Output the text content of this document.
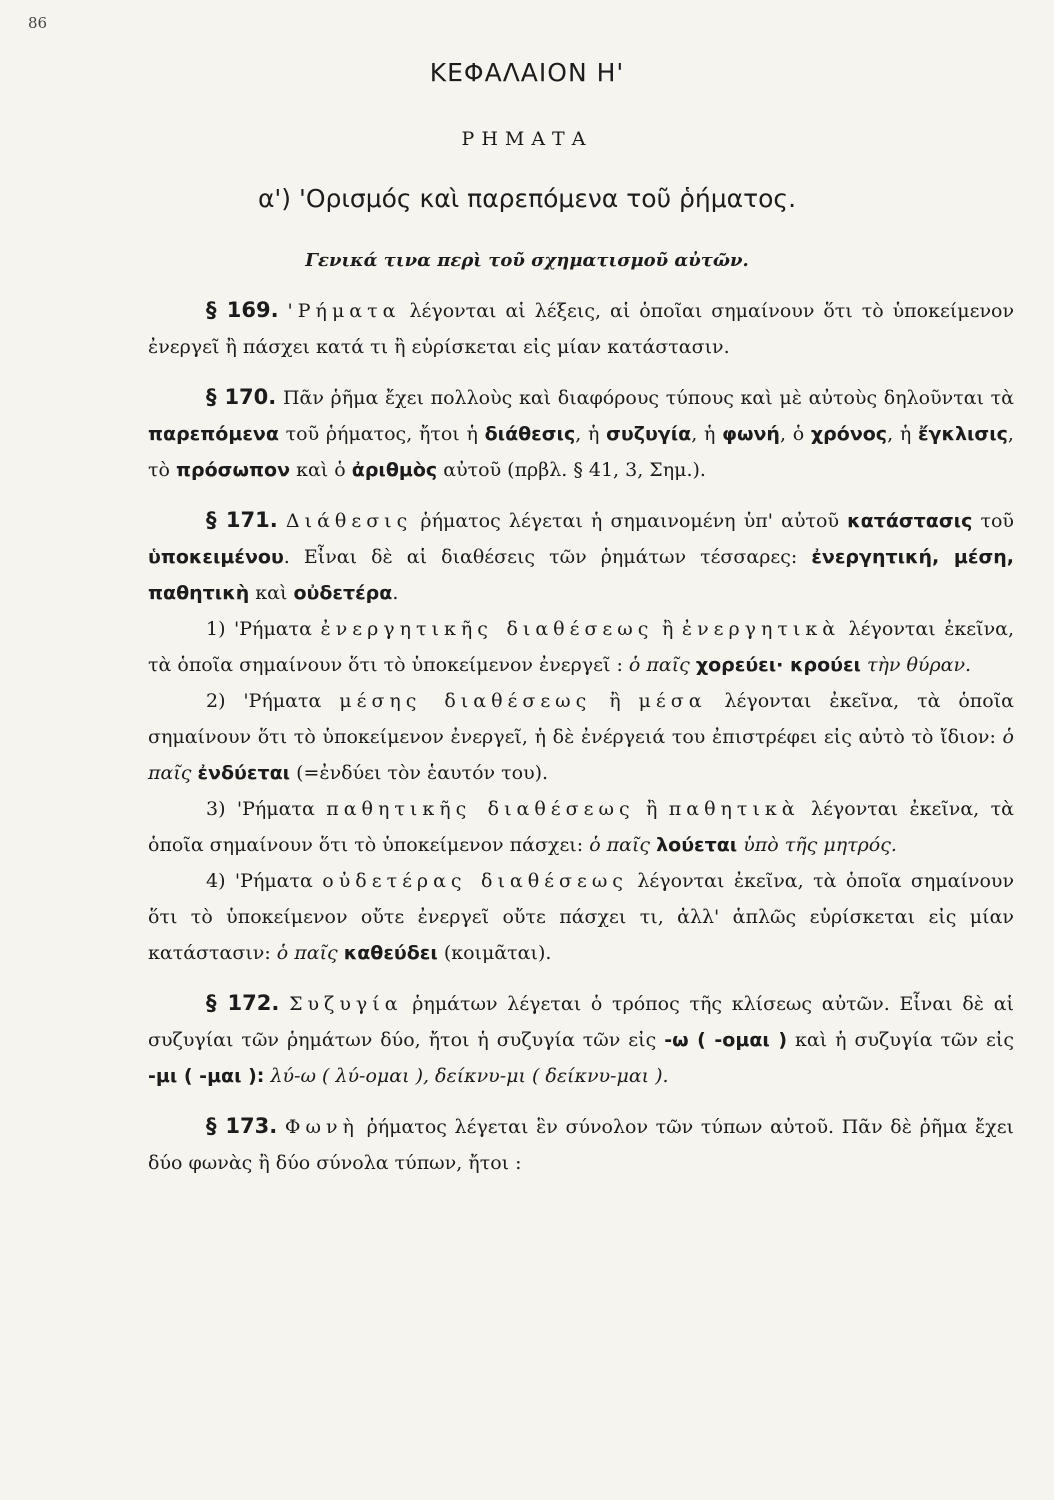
86
ΚΕΦΑΛΑΙΟΝ Η'
ΡΗΜΑΤΑ
α') 'Ορισμός καὶ παρεπόμενα τοῦ ῥήματος.
Γενικά τινα περὶ τοῦ σχηματισμοῦ αὐτῶν.

§ 169. 'Ρήματα λέγονται αἱ λέξεις, αἱ ὁποῖαι σημαίνουν ὅτι τὸ ὑποκείμενον ἐνεργεῖ ἢ πάσχει κατά τι ἢ εὑρίσκεται εἰς μίαν κατάστασιν.

§ 170. Πᾶν ῥῆμα ἔχει πολλοὺς καὶ διαφόρους τύπους καὶ μὲ αὐτοὺς δηλοῦνται τὰ παρεπόμενα τοῦ ῥήματος, ἤτοι ἡ διάθεσις, ἡ συζυγία, ἡ φωνή, ὁ χρόνος, ἡ ἔγκλισις, τὸ πρόσωπον καὶ ὁ ἀριθμὸς αὐτοῦ (πρβλ. § 41, 3, Σημ.).

§ 171. Διάθεσις ῥήματος λέγεται ἡ σημαινομένη ὑπ' αὐτοῦ κατάστασις τοῦ ὑποκειμένου. Εἶναι δὲ αἱ διαθέσεις τῶν ῥημάτων τέσσαρες: ἐνεργητική, μέση, παθητικὴ καὶ οὐδετέρα.

1) 'Ρήματα ἐνεργητικῆς διαθέσεως ἢ ἐνεργητικὰ λέγονται ἐκεῖνα, τὰ ὁποῖα σημαίνουν ὅτι τὸ ὑποκείμενον ἐνεργεῖ : ὁ παῖς χορεύει· κρούει τὴν θύραν.

2) 'Ρήματα μέσης διαθέσεως ἢ μέσα λέγονται ἐκεῖνα, τὰ ὁποῖα σημαίνουν ὅτι τὸ ὑποκείμενον ἐνεργεῖ, ἡ δὲ ἐνέργειά του ἐπιστρέφει εἰς αὐτὸ τὸ ἴδιον: ὁ παῖς ἐνδύεται (=ἐνδύει τὸν ἑαυτόν του).

3) 'Ρήματα παθητικῆς διαθέσεως ἢ παθητικὰ λέγονται ἐκεῖνα, τὰ ὁποῖα σημαίνουν ὅτι τὸ ὑποκείμενον πάσχει: ὁ παῖς λούεται ὑπὸ τῆς μητρός.

4) 'Ρήματα οὐδετέρας διαθέσεως λέγονται ἐκεῖνα, τὰ ὁποῖα σημαίνουν ὅτι τὸ ὑποκείμενον οὔτε ἐνεργεῖ οὔτε πάσχει τι, ἀλλ' ἁπλῶς εὑρίσκεται εἰς μίαν κατάστασιν: ὁ παῖς καθεύδει (κοιμᾶται).

§ 172. Συζυγία ῥημάτων λέγεται ὁ τρόπος τῆς κλίσεως αὐτῶν. Εἶναι δὲ αἱ συζυγίαι τῶν ῥημάτων δύο, ἤτοι ἡ συζυγία τῶν εἰς -ω ( -ομαι ) καὶ ἡ συζυγία τῶν εἰς -μι ( -μαι ): λύ-ω ( λύ-ομαι ), δείκνυ-μι ( δείκνυ-μαι ).

§ 173. Φωνὴ ῥήματος λέγεται ἓν σύνολον τῶν τύπων αὐτοῦ. Πᾶν δὲ ῥῆμα ἔχει δύο φωνὰς ἢ δύο σύνολα τύπων, ἤτοι :
